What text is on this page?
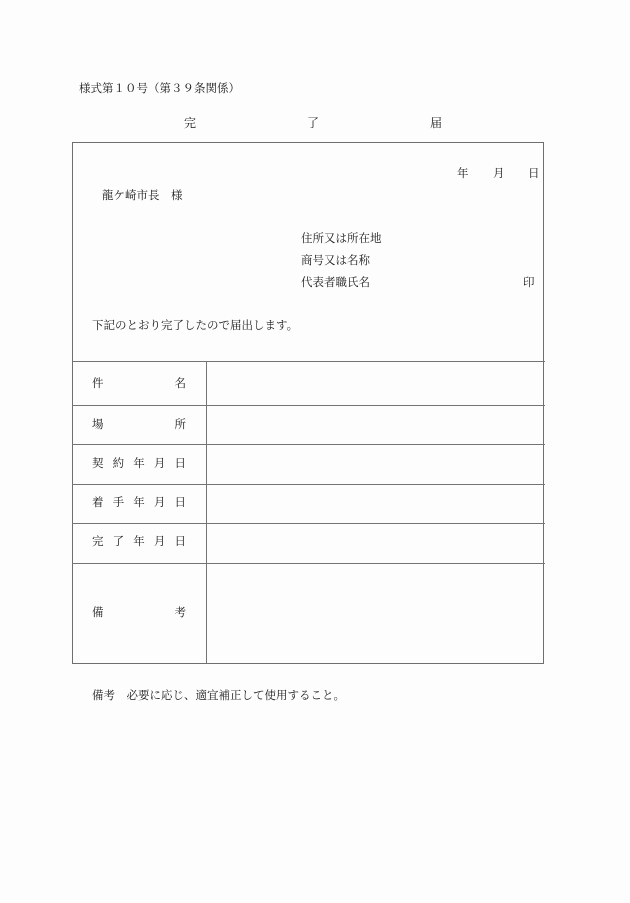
様式第１０号（第３９条関係）
完	了	届
年 月 日
龍ケ崎市長　様
住所又は所在地
商号又は名称
代表者職氏名	印
下記のとおり完了したので届出します。
件	名
場	所
契 約 年 月 日
着 手 年 月 日
完 了 年 月 日
備	考
備考　必要に応じ、適宜補正して使用すること。
